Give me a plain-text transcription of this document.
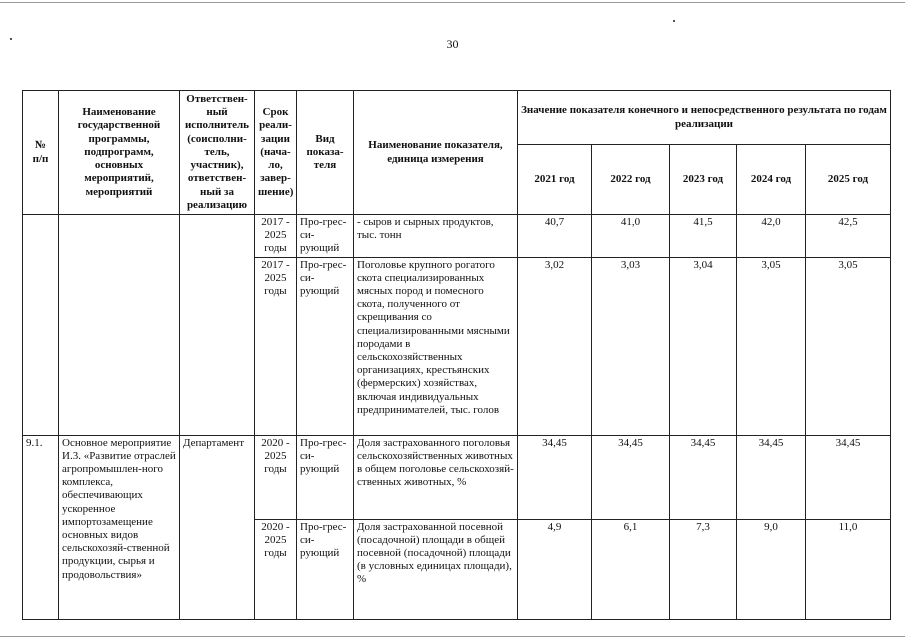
30
№
п/п	Наименование государственной программы, подпрограмм, основных мероприятий, мероприятий	Ответствен-ный исполнитель (соисполни-тель, участник), ответствен-ный за реализацию	Срок реали-зации (нача-ло, завер-шение)	Вид показа-теля	Наименование показателя, единица измерения	Значение показателя конечного и непосредственного результата по годам реализации				
						2021 год	2022 год	2023 год	2024 год	2025 год
			2017 - 2025 годы	Про-гресси-рующий	- сыров и сырных продуктов, тыс. тонн	40,7	41,0	41,5	42,0	42,5
			2017 - 2025 годы	Про-гресси-рующий	Поголовье крупного рогатого скота специализированных мясных пород и помесного скота, полученного от скрещивания со специализированными мясными породами в сельскохозяйственных организациях, крестьянских (фермерских) хозяйствах, включая индивидуальных предпринимателей, тыс. голов	3,02	3,03	3,04	3,05	3,05
9.1.	Основное мероприятие И.3. «Развитие отраслей агропромышлен-ного комплекса, обеспечивающих ускоренное импортозамещение основных видов сельскохозяй-ственной продукции, сырья и продовольствия»	Департамент	2020 - 2025 годы	Про-гресси-рующий	Доля застрахованного поголовья сельскохозяйственных животных в общем поголовье сельскохозяй-ственных животных, %	34,45	34,45	34,45	34,45	34,45
			2020 - 2025 годы	Про-гресси-рующий	Доля застрахованной посевной (посадочной) площади в общей посевной (посадочной) площади (в условных единицах площади), %	4,9	6,1	7,3	9,0	11,0
